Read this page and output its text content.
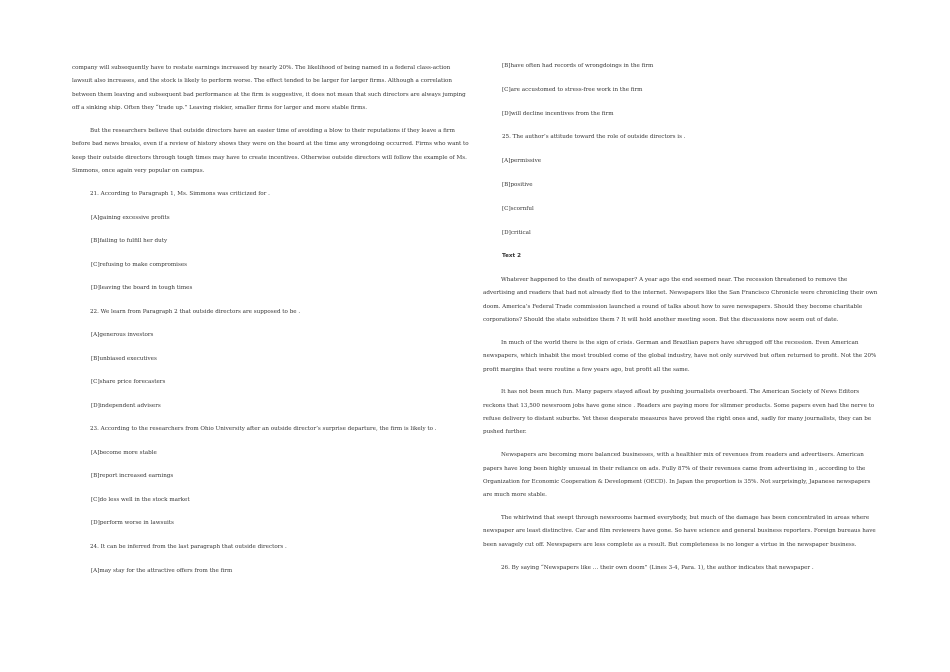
company will subsequently have to restate earnings increased by nearly 20%. The likelihood of being named in a federal class-action lawsuit also increases, and the stock is likely to perform worse. The effect tended to be larger for larger firms. Although a correlation between them leaving and subsequent bad performance at the firm is suggestive, it does not mean that such directors are always jumping off a sinking ship. Often they “trade up.” Leaving riskier, smaller firms for larger and more stable firms.

But the researchers believe that outside directors have an easier time of avoiding a blow to their reputations if they leave a firm before bad news breaks, even if a review of history shows they were on the board at the time any wrongdoing occurred. Firms who want to keep their outside directors through tough times may have to create incentives. Otherwise outside directors will follow the example of Ms. Simmons, once again very popular on campus.

21. According to Paragraph 1, Ms. Simmons was criticized for .

[A]gaining excessive profits

[B]failing to fulfill her duty

[C]refusing to make compromises

[D]leaving the board in tough times

22. We learn from Paragraph 2 that outside directors are supposed to be .

[A]generous investors

[B]unbiased executives

[C]share price forecasters

[D]independent advisers

23. According to the researchers from Ohio University after an outside director’s surprise departure, the firm is likely to .

[A]become more stable

[B]report increased earnings

[C]do less well in the stock market

[D]perform worse in lawsuits

24. It can be inferred from the last paragraph that outside directors .

[A]may stay for the attractive offers from the firm

[B]have often had records of wrongdoings in the firm

[C]are accustomed to stress-free work in the firm

[D]will decline incentives from the firm

25. The author’s attitude toward the role of outside directors is .

[A]permissive

[B]positive

[C]scornful

[D]critical

Text 2

Whatever happened to the death of newspaper? A year ago the end seemed near. The recession threatened to remove the advertising and readers that had not already fled to the internet. Newspapers like the San Francisco Chronicle were chronicling their own doom. America’s Federal Trade commission launched a round of talks about how to save newspapers. Should they become charitable corporations? Should the state subsidize them ? It will hold another meeting soon. But the discussions now seem out of date.

In much of the world there is the sign of crisis. German and Brazilian papers have shrugged off the recession. Even American newspapers, which inhabit the most troubled come of the global industry, have not only survived but often returned to profit. Not the 20% profit margins that were routine a few years ago, but profit all the same.

It has not been much fun. Many papers stayed afloat by pushing journalists overboard. The American Society of News Editors reckons that 13,500 newsroom jobs have gone since . Readers are paying more for slimmer products. Some papers even had the nerve to refuse delivery to distant suburbs. Yet these desperate measures have proved the right ones and, sadly for many journalists, they can be pushed further.

Newspapers are becoming more balanced businesses, with a healthier mix of revenues from readers and advertisers. American papers have long been highly unusual in their reliance on ads. Fully 87% of their revenues came from advertising in , according to the Organization for Economic Cooperation & Development (OECD). In Japan the proportion is 35%. Not surprisingly, Japanese newspapers are much more stable.

The whirlwind that swept through newsrooms harmed everybody, but much of the damage has been concentrated in areas where newspaper are least distinctive. Car and film reviewers have gone. So have science and general business reporters. Foreign bureaus have been savagely cut off. Newspapers are less complete as a result. But completeness is no longer a virtue in the newspaper business.

26. By saying “Newspapers like … their own doom” (Lines 3-4, Para. 1), the author indicates that newspaper .
